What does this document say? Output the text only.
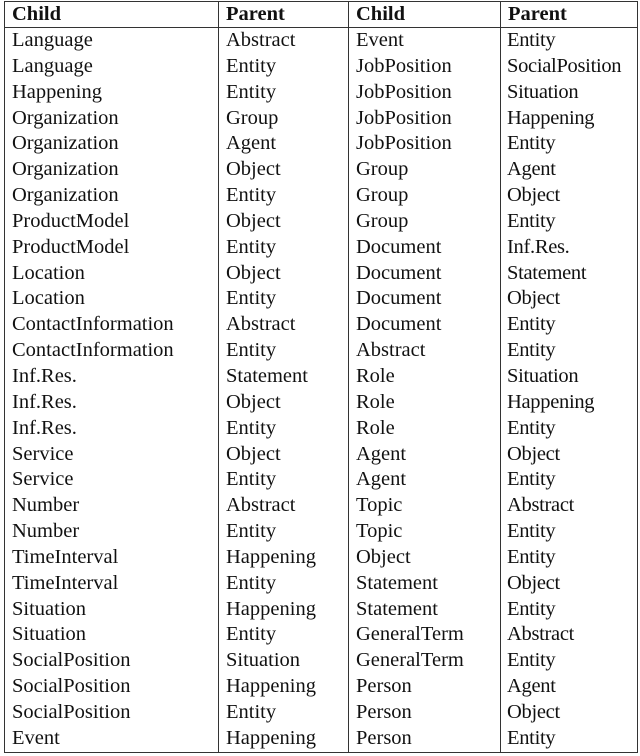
Child	Parent	Child	Parent
Language	Abstract	Event	Entity
Language	Entity	JobPosition	SocialPosition
Happening	Entity	JobPosition	Situation
Organization	Group	JobPosition	Happening
Organization	Agent	JobPosition	Entity
Organization	Object	Group	Agent
Organization	Entity	Group	Object
ProductModel	Object	Group	Entity
ProductModel	Entity	Document	Inf.Res.
Location	Object	Document	Statement
Location	Entity	Document	Object
ContactInformation	Abstract	Document	Entity
ContactInformation	Entity	Abstract	Entity
Inf.Res.	Statement	Role	Situation
Inf.Res.	Object	Role	Happening
Inf.Res.	Entity	Role	Entity
Service	Object	Agent	Object
Service	Entity	Agent	Entity
Number	Abstract	Topic	Abstract
Number	Entity	Topic	Entity
TimeInterval	Happening	Object	Entity
TimeInterval	Entity	Statement	Object
Situation	Happening	Statement	Entity
Situation	Entity	GeneralTerm	Abstract
SocialPosition	Situation	GeneralTerm	Entity
SocialPosition	Happening	Person	Agent
SocialPosition	Entity	Person	Object
Event	Happening	Person	Entity
